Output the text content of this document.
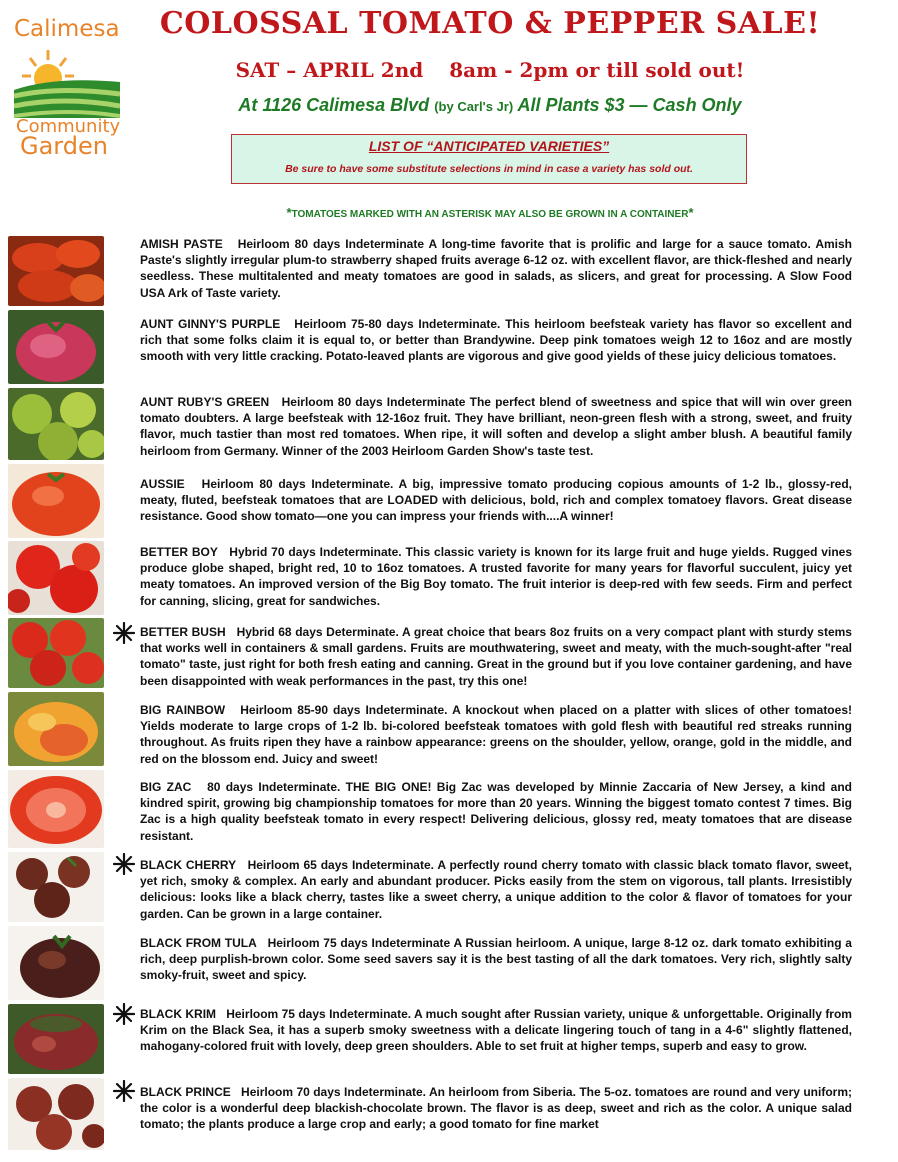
Calimesa
Community
Garden
COLOSSAL TOMATO & PEPPER SALE!
SAT – APRIL 2nd 8am - 2pm or till sold out!
At 1126 Calimesa Blvd (by Carl's Jr) All Plants $3 — Cash Only
LIST OF “ANTICIPATED VARIETIES”
Be sure to have some substitute selections in mind in case a variety has sold out.
*TOMATOES MARKED WITH AN ASTERISK MAY ALSO BE GROWN IN A CONTAINER*
AMISH PASTE Heirloom 80 days Indeterminate A long-time favorite that is prolific and large for a sauce tomato. Amish Paste's slightly irregular plum-to strawberry shaped fruits average 6-12 oz. with excellent flavor, are thick-fleshed and nearly seedless. These multitalented and meaty tomatoes are good in salads, as slicers, and great for processing. A Slow Food USA Ark of Taste variety.
AUNT GINNY'S PURPLE Heirloom 75-80 days Indeterminate. This heirloom beefsteak variety has flavor so excellent and rich that some folks claim it is equal to, or better than Brandywine. Deep pink tomatoes weigh 12 to 16oz and are mostly smooth with very little cracking. Potato-leaved plants are vigorous and give good yields of these juicy delicious tomatoes.
AUNT RUBY'S GREEN Heirloom 80 days Indeterminate The perfect blend of sweetness and spice that will win over green tomato doubters. A large beefsteak with 12-16oz fruit. They have brilliant, neon-green flesh with a strong, sweet, and fruity flavor, much tastier than most red tomatoes. When ripe, it will soften and develop a slight amber blush. A beautiful family heirloom from Germany. Winner of the 2003 Heirloom Garden Show's taste test.
AUSSIE Heirloom 80 days Indeterminate. A big, impressive tomato producing copious amounts of 1-2 lb., glossy-red, meaty, fluted, beefsteak tomatoes that are LOADED with delicious, bold, rich and complex tomatoey flavors. Great disease resistance. Good show tomato—one you can impress your friends with....A winner!
BETTER BOY Hybrid 70 days Indeterminate. This classic variety is known for its large fruit and huge yields. Rugged vines produce globe shaped, bright red, 10 to 16oz tomatoes. A trusted favorite for many years for flavorful succulent, juicy yet meaty tomatoes. An improved version of the Big Boy tomato. The fruit interior is deep-red with few seeds. Firm and perfect for canning, slicing, great for sandwiches.
BETTER BUSH Hybrid 68 days Determinate. A great choice that bears 8oz fruits on a very compact plant with sturdy stems that works well in containers & small gardens. Fruits are mouthwatering, sweet and meaty, with the much-sought-after "real tomato" taste, just right for both fresh eating and canning. Great in the ground but if you love container gardening, and have been disappointed with weak performances in the past, try this one!
BIG RAINBOW Heirloom 85-90 days Indeterminate. A knockout when placed on a platter with slices of other tomatoes! Yields moderate to large crops of 1-2 lb. bi-colored beefsteak tomatoes with gold flesh with beautiful red streaks running throughout. As fruits ripen they have a rainbow appearance: greens on the shoulder, yellow, orange, gold in the middle, and red on the blossom end. Juicy and sweet!
BIG ZAC 80 days Indeterminate. THE BIG ONE! Big Zac was developed by Minnie Zaccaria of New Jersey, a kind and kindred spirit, growing big championship tomatoes for more than 20 years. Winning the biggest tomato contest 7 times. Big Zac is a high quality beefsteak tomato in every respect! Delivering delicious, glossy red, meaty tomatoes that are disease resistant.
BLACK CHERRY Heirloom 65 days Indeterminate. A perfectly round cherry tomato with classic black tomato flavor, sweet, yet rich, smoky & complex. An early and abundant producer. Picks easily from the stem on vigorous, tall plants. Irresistibly delicious: looks like a black cherry, tastes like a sweet cherry, a unique addition to the color & flavor of tomatoes for your garden. Can be grown in a large container.
BLACK FROM TULA Heirloom 75 days Indeterminate A Russian heirloom. A unique, large 8-12 oz. dark tomato exhibiting a rich, deep purplish-brown color. Some seed savers say it is the best tasting of all the dark tomatoes. Very rich, slightly salty smoky-fruit, sweet and spicy.
BLACK KRIM Heirloom 75 days Indeterminate. A much sought after Russian variety, unique & unforgettable. Originally from Krim on the Black Sea, it has a superb smoky sweetness with a delicate lingering touch of tang in a 4-6" slightly flattened, mahogany-colored fruit with lovely, deep green shoulders. Able to set fruit at higher temps, superb and easy to grow.
BLACK PRINCE Heirloom 70 days Indeterminate. An heirloom from Siberia. The 5-oz. tomatoes are round and very uniform; the color is a wonderful deep blackish-chocolate brown. The flavor is as deep, sweet and rich as the color. A unique salad tomato; the plants produce a large crop and early; a good tomato for fine market
